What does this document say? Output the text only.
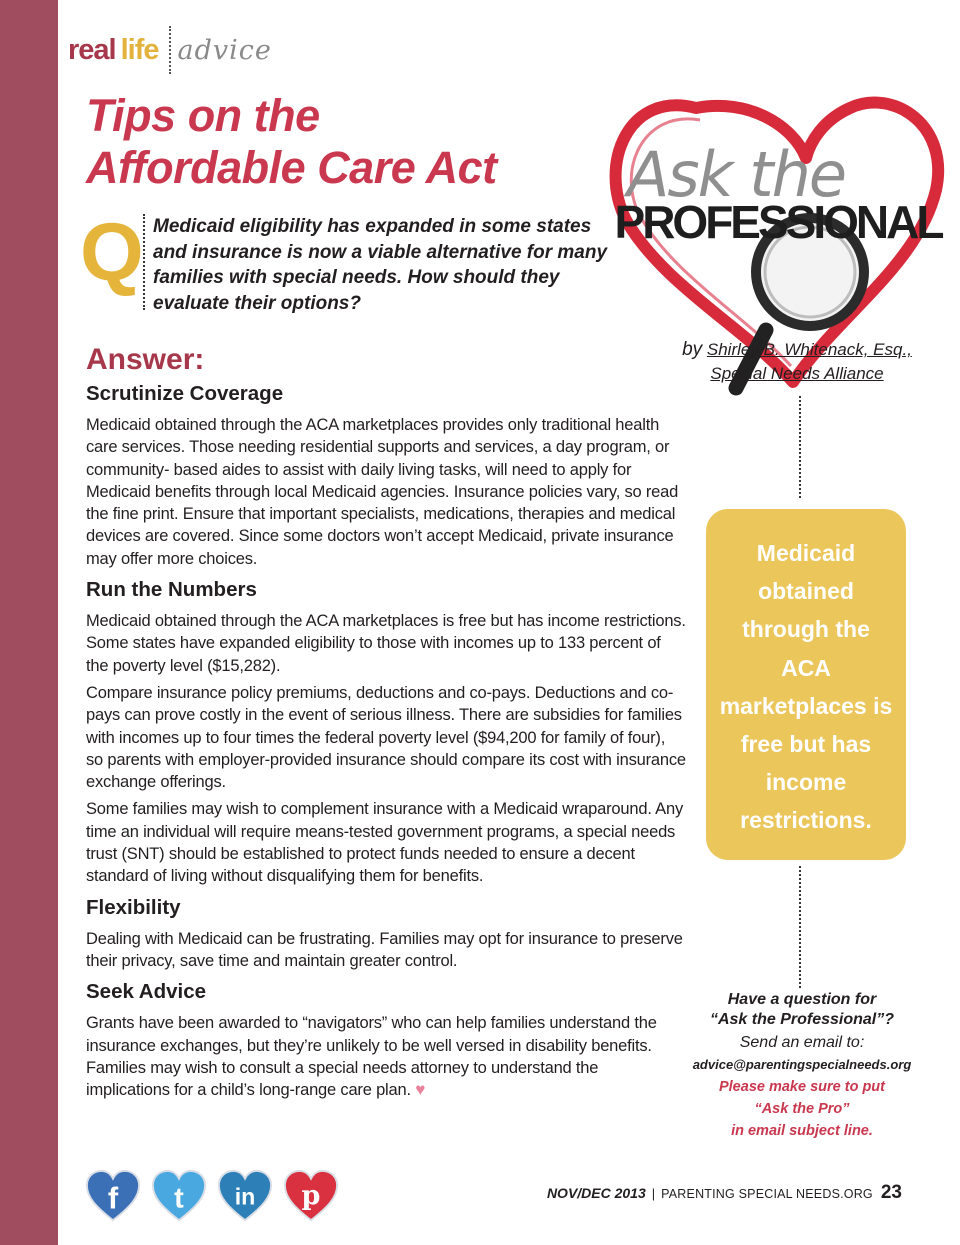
real life advice
Tips on the
Affordable Care Act
Q Medicaid eligibility has expanded in some states and insurance is now a viable alternative for many families with special needs. How should they evaluate their options?
Ask the
PROFESSIONAL
by Shirley B. Whitenack, Esq.,
Special Needs Alliance
Answer:
Scrutinize Coverage

Medicaid obtained through the ACA marketplaces provides only traditional health care services. Those needing residential supports and services, a day program, or community- based aides to assist with daily living tasks, will need to apply for Medicaid benefits through local Medicaid agencies. Insurance policies vary, so read the fine print. Ensure that important specialists, medications, therapies and medical devices are covered. Since some doctors won’t accept Medicaid, private insurance may offer more choices.

Run the Numbers

Medicaid obtained through the ACA marketplaces is free but has income restrictions. Some states have expanded eligibility to those with incomes up to 133 percent of the poverty level ($15,282).

Compare insurance policy premiums, deductions and co-pays. Deductions and co-pays can prove costly in the event of serious illness. There are subsidies for families with incomes up to four times the federal poverty level ($94,200 for family of four), so parents with employer-provided insurance should compare its cost with insurance exchange offerings.

Some families may wish to complement insurance with a Medicaid wraparound. Any time an individual will require means-tested government programs, a special needs trust (SNT) should be established to protect funds needed to ensure a decent standard of living without disqualifying them for benefits.

Flexibility

Dealing with Medicaid can be frustrating. Families may opt for insurance to preserve their privacy, save time and maintain greater control.

Seek Advice

Grants have been awarded to “navigators” who can help families understand the insurance exchanges, but they’re unlikely to be well versed in disability benefits. Families may wish to consult a special needs attorney to understand the implications for a child’s long-range care plan. ♥

Medicaid obtained through the ACA marketplaces is free but has income restrictions.
Have a question for
“Ask the Professional”?
Send an email to:
advice@parentingspecialneeds.org
Please make sure to put
“Ask the Pro”
in email subject line.
f t in p	NOV/DEC 2013 | PARENTING SPECIAL NEEDS.ORG 23
